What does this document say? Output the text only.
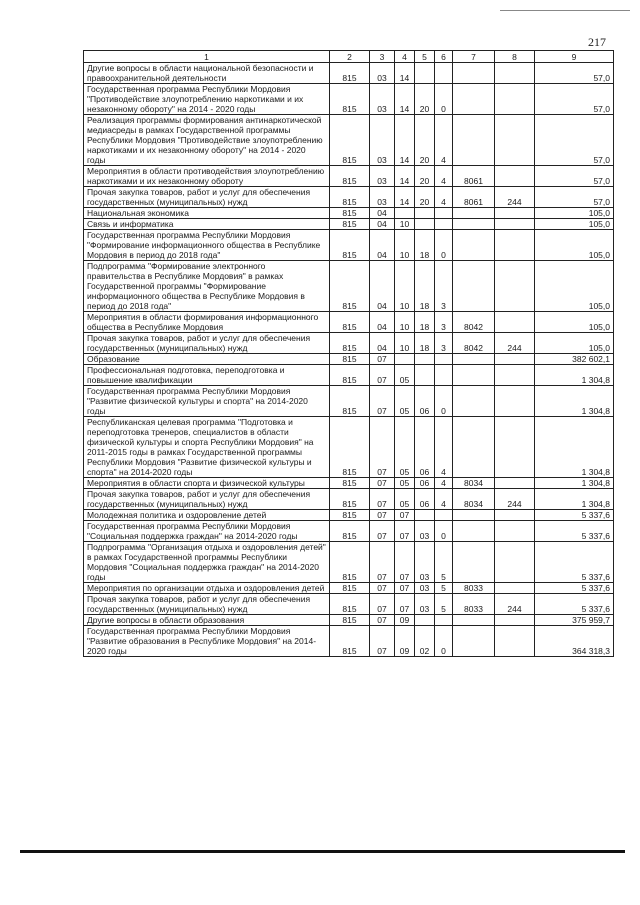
217
1	2	3	4	5	6	7	8	9
Другие вопросы в области национальной безопасности и правоохранительной деятельности	815	03	14					57,0
Государственная программа Республики Мордовия "Противодействие злоупотреблению наркотиками и их незаконному обороту" на 2014 - 2020 годы	815	03	14	20	0			57,0
Реализация программы формирования антинаркотической медиасреды в рамках Государственной программы Республики Мордовия "Противодействие злоупотреблению наркотиками и их незаконному обороту" на 2014 - 2020 годы	815	03	14	20	4			57,0
Мероприятия в области противодействия злоупотреблению наркотиками и их незаконному обороту	815	03	14	20	4	8061		57,0
Прочая закупка товаров, работ и услуг для обеспечения государственных (муниципальных) нужд	815	03	14	20	4	8061	244	57,0
Национальная экономика	815	04						105,0
Связь и информатика	815	04	10					105,0
Государственная программа Республики Мордовия "Формирование информационного общества в Республике Мордовия в период до 2018 года"	815	04	10	18	0			105,0
Подпрограмма "Формирование электронного правительства в Республике Мордовия" в рамках Государственной программы "Формирование информационного общества в Республике Мордовия в период до 2018 года"	815	04	10	18	3			105,0
Мероприятия в области формирования информационного общества в Республике Мордовия	815	04	10	18	3	8042		105,0
Прочая закупка товаров, работ и услуг для обеспечения государственных (муниципальных) нужд	815	04	10	18	3	8042	244	105,0
Образование	815	07						382 602,1
Профессиональная подготовка, переподготовка и повышение квалификации	815	07	05					1 304,8
Государственная программа Республики Мордовия "Развитие физической культуры и спорта" на 2014-2020 годы	815	07	05	06	0			1 304,8
Республиканская целевая программа "Подготовка и переподготовка тренеров, специалистов в области физической культуры и спорта Республики Мордовия" на 2011-2015 годы в рамках Государственной программы Республики Мордовия "Развитие физической культуры и спорта" на 2014-2020 годы	815	07	05	06	4			1 304,8
Мероприятия в области спорта и физической культуры	815	07	05	06	4	8034		1 304,8
Прочая закупка товаров, работ и услуг для обеспечения государственных (муниципальных) нужд	815	07	05	06	4	8034	244	1 304,8
Молодежная политика и оздоровление детей	815	07	07					5 337,6
Государственная программа Республики Мордовия "Социальная поддержка граждан" на 2014-2020 годы	815	07	07	03	0			5 337,6
Подпрограмма "Организация отдыха и оздоровления детей" в рамках Государственной программы Республики Мордовия "Социальная поддержка граждан" на 2014-2020 годы	815	07	07	03	5			5 337,6
Мероприятия по организации отдыха и оздоровления детей	815	07	07	03	5	8033		5 337,6
Прочая закупка товаров, работ и услуг для обеспечения государственных (муниципальных) нужд	815	07	07	03	5	8033	244	5 337,6
Другие вопросы в области образования	815	07	09					375 959,7
Государственная программа Республики Мордовия "Развитие образования в Республике Мордовия" на 2014-2020 годы	815	07	09	02	0			364 318,3
